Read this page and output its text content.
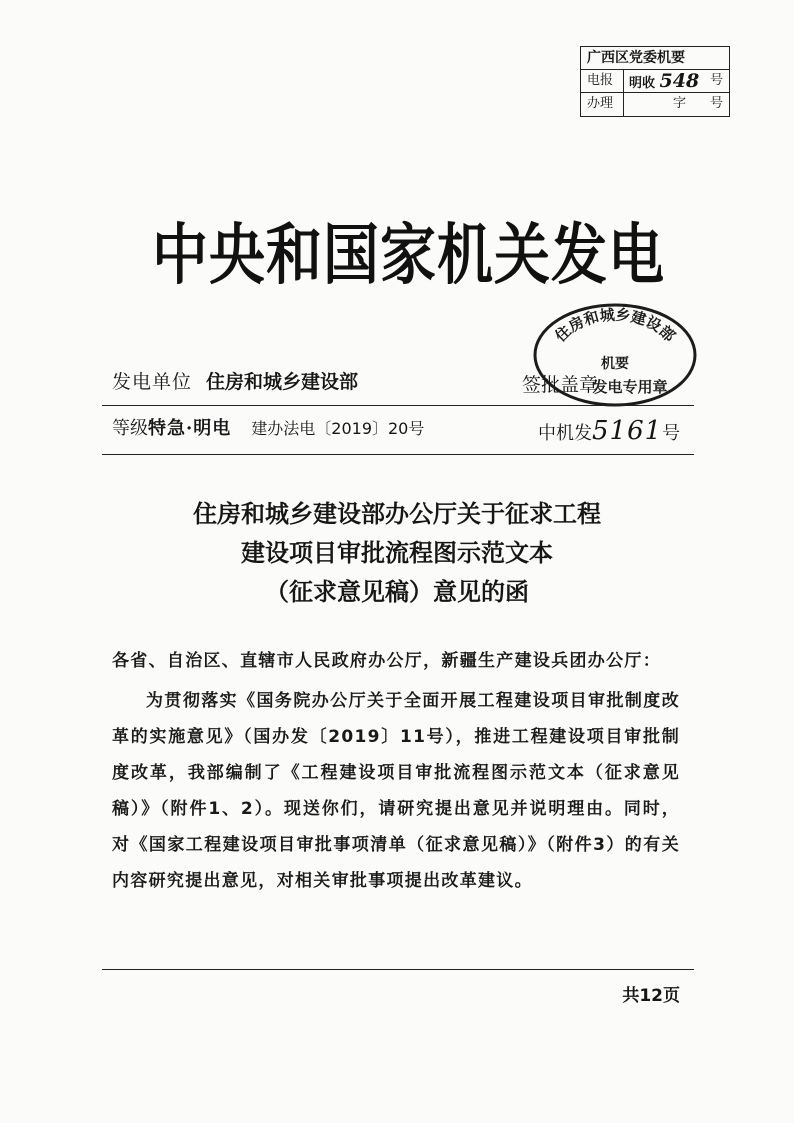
广西区党委机要
电报 明收 548 号
办理	字 号
中央和国家机关发电
发电单位 住房和城乡建设部	签批盖章
住房和城乡建设部
机要
发电专用章
等级特急·明电 建办法电〔2019〕20号	中机发5161号
住房和城乡建设部办公厅关于征求工程
建设项目审批流程图示范文本
（征求意见稿）意见的函

各省、自治区、直辖市人民政府办公厅，新疆生产建设兵团办公厅：

为贯彻落实《国务院办公厅关于全面开展工程建设项目审批制度改革的实施意见》（国办发〔2019〕11号），推进工程建设项目审批制度改革，我部编制了《工程建设项目审批流程图示范文本（征求意见稿）》（附件1、2）。现送你们，请研究提出意见并说明理由。同时，对《国家工程建设项目审批事项清单（征求意见稿）》（附件3）的有关内容研究提出意见，对相关审批事项提出改革建议。

共12页
